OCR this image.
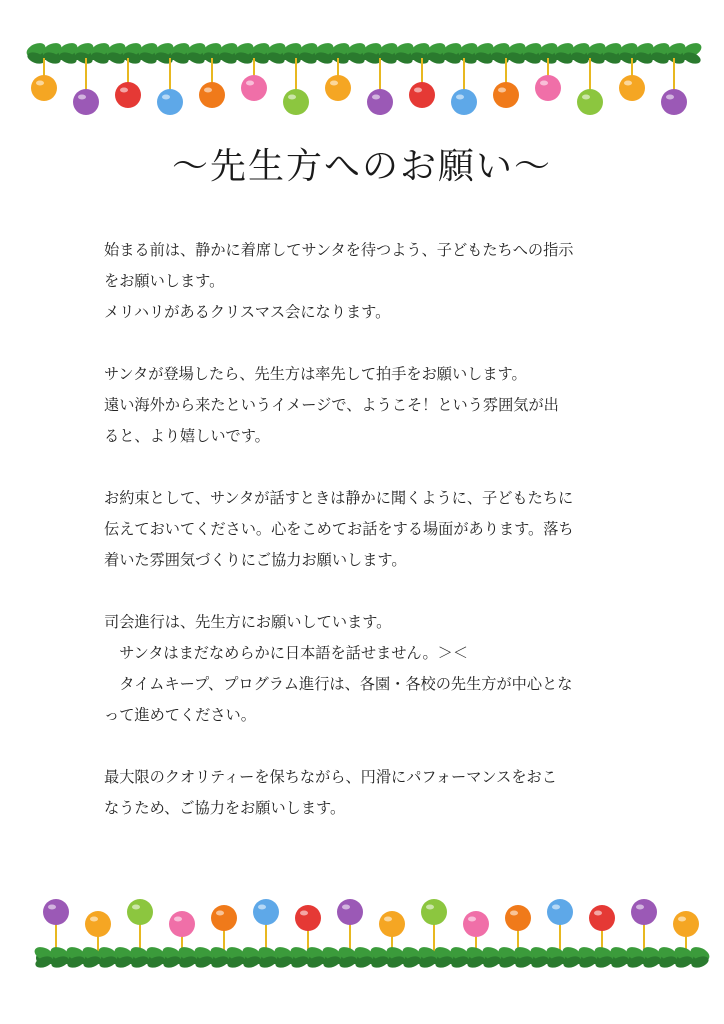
〜先生方へのお願い〜

始まる前は、静かに着席してサンタを待つよう、子どもたちへの指示
をお願いします。
メリハリがあるクリスマス会になります。

サンタが登場したら、先生方は率先して拍手をお願いします。
遠い海外から来たというイメージで、ようこそ！という雰囲気が出
ると、より嬉しいです。

お約束として、サンタが話すときは静かに聞くように、子どもたちに
伝えておいてください。心をこめてお話をする場面があります。落ち
着いた雰囲気づくりにご協力お願いします。

司会進行は、先生方にお願いしています。
　サンタはまだなめらかに日本語を話せません。＞＜
　タイムキープ、プログラム進行は、各園・各校の先生方が中心とな
って進めてください。

最大限のクオリティーを保ちながら、円滑にパフォーマンスをおこ
なうため、ご協力をお願いします。
